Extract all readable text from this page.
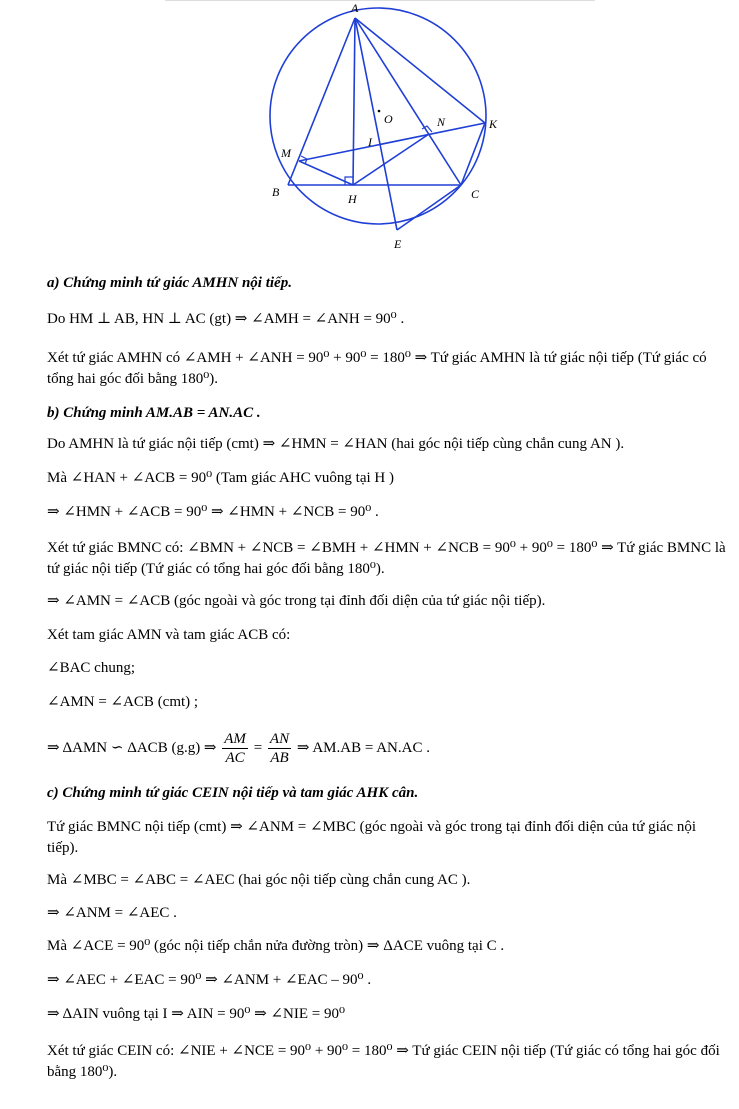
A
O
I
N	K
M
B	H	C
E
a) Chứng minh tứ giác AMHN nội tiếp.
Do HM ⊥ AB, HN ⊥ AC (gt) ⇒ ∠AMH = ∠ANH = 90⁰ .
Xét tứ giác AMHN có ∠AMH + ∠ANH = 90⁰ + 90⁰ = 180⁰ ⇒ Tứ giác AMHN là tứ giác nội tiếp (Tứ giác có tổng hai góc đối bằng 180⁰).
b) Chứng minh AM.AB = AN.AC .
Do AMHN là tứ giác nội tiếp (cmt) ⇒ ∠HMN = ∠HAN (hai góc nội tiếp cùng chắn cung AN ).
Mà ∠HAN + ∠ACB = 90⁰ (Tam giác AHC vuông tại H )
⇒ ∠HMN + ∠ACB = 90⁰ ⇒ ∠HMN + ∠NCB = 90⁰ .
Xét tứ giác BMNC có: ∠BMN + ∠NCB = ∠BMH + ∠HMN + ∠NCB = 90⁰ + 90⁰ = 180⁰ ⇒ Tứ giác BMNC là tứ giác nội tiếp (Tứ giác có tổng hai góc đối bằng 180⁰).
⇒ ∠AMN = ∠ACB (góc ngoài và góc trong tại đỉnh đối diện của tứ giác nội tiếp).
Xét tam giác AMN và tam giác ACB có:
∠BAC chung;
∠AMN = ∠ACB (cmt) ;
⇒ ΔAMN ∽ ΔACB (g.g) ⇒ $\frac{AM}{AC} = \frac{AN}{AB}$ ⇒ AM.AB = AN.AC .
c) Chứng minh tứ giác CEIN nội tiếp và tam giác AHK cân.
Tứ giác BMNC nội tiếp (cmt) ⇒ ∠ANM = ∠MBC (góc ngoài và góc trong tại đỉnh đối diện của tứ giác nội tiếp).
Mà ∠MBC = ∠ABC = ∠AEC (hai góc nội tiếp cùng chắn cung AC ).
⇒ ∠ANM = ∠AEC .
Mà ∠ACE = 90⁰ (góc nội tiếp chắn nửa đường tròn) ⇒ ΔACE vuông tại C .
⇒ ∠AEC + ∠EAC = 90⁰ ⇒ ∠ANM + ∠EAC – 90⁰ .
⇒ ΔAIN vuông tại I ⇒ AIN = 90⁰ ⇒ ∠NIE = 90⁰
Xét tứ giác CEIN có: ∠NIE + ∠NCE = 90⁰ + 90⁰ = 180⁰ ⇒ Tứ giác CEIN nội tiếp (Tứ giác có tổng hai góc đối bằng 180⁰).
